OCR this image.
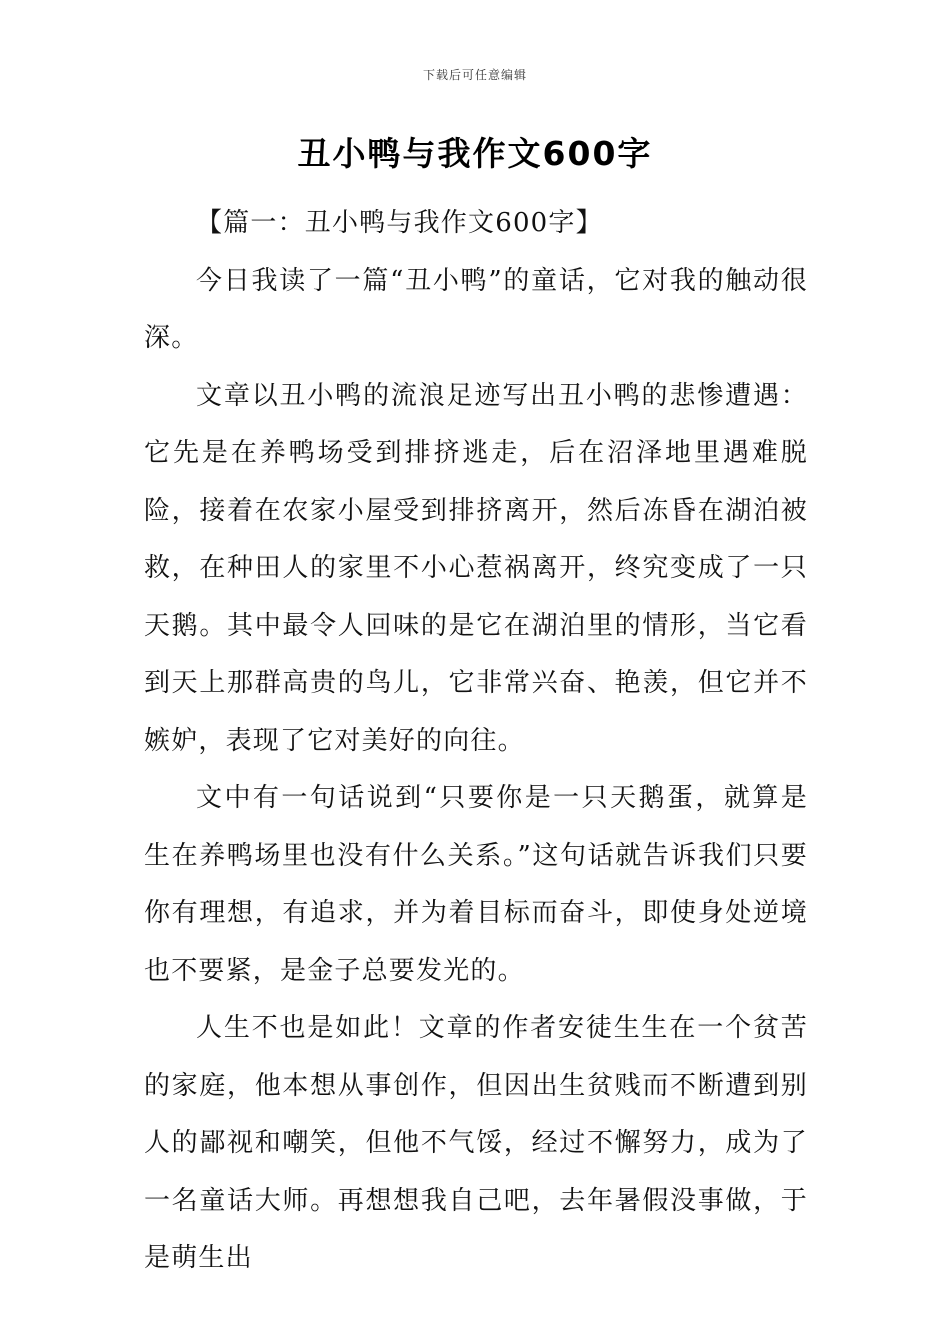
下载后可任意编辑
丑小鸭与我作文600字

【篇一：丑小鸭与我作文600字】

今日我读了一篇“丑小鸭”的童话，它对我的触动很深。

文章以丑小鸭的流浪足迹写出丑小鸭的悲惨遭遇：它先是在养鸭场受到排挤逃走，后在沼泽地里遇难脱险，接着在农家小屋受到排挤离开，然后冻昏在湖泊被救，在种田人的家里不小心惹祸离开，终究变成了一只天鹅。其中最令人回味的是它在湖泊里的情形，当它看到天上那群高贵的鸟儿，它非常兴奋、艳羡，但它并不嫉妒，表现了它对美好的向往。

文中有一句话说到“只要你是一只天鹅蛋，就算是生在养鸭场里也没有什么关系。”这句话就告诉我们只要你有理想，有追求，并为着目标而奋斗，即使身处逆境也不要紧，是金子总要发光的。

人生不也是如此！文章的作者安徒生生在一个贫苦的家庭，他本想从事创作，但因出生贫贱而不断遭到别人的鄙视和嘲笑，但他不气馁，经过不懈努力，成为了一名童话大师。再想想我自己吧，去年暑假没事做，于是萌生出
